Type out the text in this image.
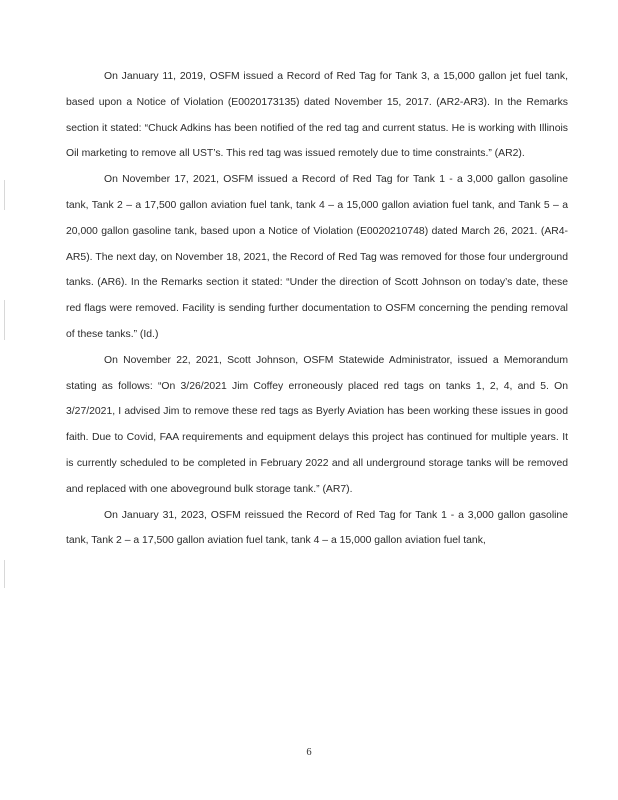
On January 11, 2019, OSFM issued a Record of Red Tag for Tank 3, a 15,000 gallon jet fuel tank, based upon a Notice of Violation (E0020173135) dated November 15, 2017. (AR2-AR3). In the Remarks section it stated: “Chuck Adkins has been notified of the red tag and current status. He is working with Illinois Oil marketing to remove all UST’s. This red tag was issued remotely due to time constraints.” (AR2).

On November 17, 2021, OSFM issued a Record of Red Tag for Tank 1 - a 3,000 gallon gasoline tank, Tank 2 – a 17,500 gallon aviation fuel tank, tank 4 – a 15,000 gallon aviation fuel tank, and Tank 5 – a 20,000 gallon gasoline tank, based upon a Notice of Violation (E0020210748) dated March 26, 2021. (AR4-AR5). The next day, on November 18, 2021, the Record of Red Tag was removed for those four underground tanks. (AR6). In the Remarks section it stated: “Under the direction of Scott Johnson on today’s date, these red flags were removed. Facility is sending further documentation to OSFM concerning the pending removal of these tanks.” (Id.)

On November 22, 2021, Scott Johnson, OSFM Statewide Administrator, issued a Memorandum stating as follows: “On 3/26/2021 Jim Coffey erroneously placed red tags on tanks 1, 2, 4, and 5. On 3/27/2021, I advised Jim to remove these red tags as Byerly Aviation has been working these issues in good faith. Due to Covid, FAA requirements and equipment delays this project has continued for multiple years. It is currently scheduled to be completed in February 2022 and all underground storage tanks will be removed and replaced with one aboveground bulk storage tank.” (AR7).

On January 31, 2023, OSFM reissued the Record of Red Tag for Tank 1 - a 3,000 gallon gasoline tank, Tank 2 – a 17,500 gallon aviation fuel tank, tank 4 – a 15,000 gallon aviation fuel tank,

6
